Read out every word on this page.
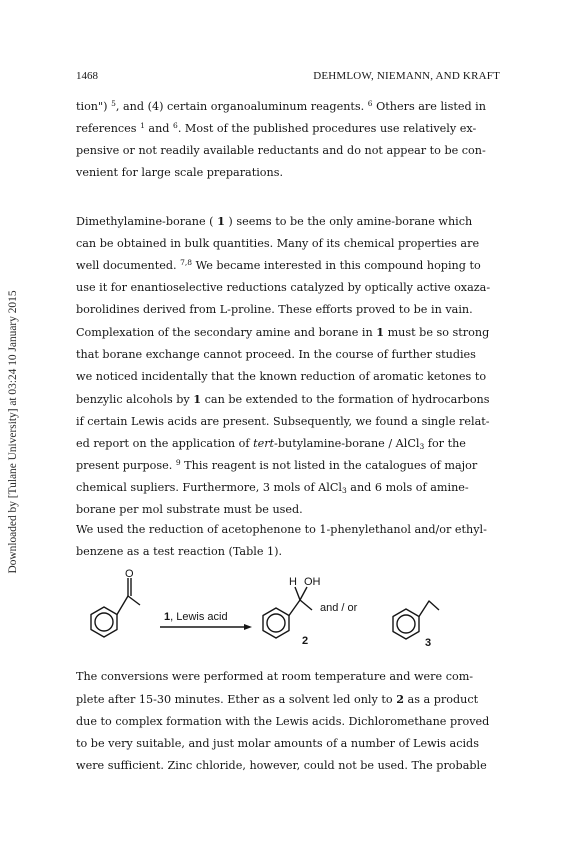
Downloaded by [Tulane University] at 03:24 10 January 2015
1468	DEHMLOW, NIEMANN, AND KRAFT
tion") $^5$, and (4) certain organoaluminum reagents. $^6$ Others are listed in
references $^1$ and $^6$. Most of the published procedures use relatively ex-
pensive or not readily available reductants and do not appear to be con-
venient for large scale preparations.
Dimethylamine-borane ( 1 ) seems to be the only amine-borane which
can be obtained in bulk quantities. Many of its chemical properties are
well documented. $^{7,8}$ We became interested in this compound hoping to
use it for enantioselective reductions catalyzed by optically active oxaza-
borolidines derived from L-proline. These efforts proved to be in vain.
Complexation of the secondary amine and borane in 1 must be so strong
that borane exchange cannot proceed. In the course of further studies
we noticed incidentally that the known reduction of aromatic ketones to
benzylic alcohols by 1 can be extended to the formation of hydrocarbons
if certain Lewis acids are present. Subsequently, we found a single relat-
ed report on the application of tert-butylamine-borane / AlCl$_3$ for the
present purpose. $^9$ This reagent is not listed in the catalogues of major
chemical supliers. Furthermore, 3 mols of AlCl$_3$ and 6 mols of amine-
borane per mol substrate must be used.
We used the reduction of acetophenone to 1-phenylethanol and/or ethyl-
benzene as a test reaction (Table 1).
O
1, Lewis acid
H OH
and / or
2	3
The conversions were performed at room temperature and were com-
plete after 15-30 minutes. Ether as a solvent led only to 2 as a product
due to complex formation with the Lewis acids. Dichloromethane proved
to be very suitable, and just molar amounts of a number of Lewis acids
were sufficient. Zinc chloride, however, could not be used. The probable
